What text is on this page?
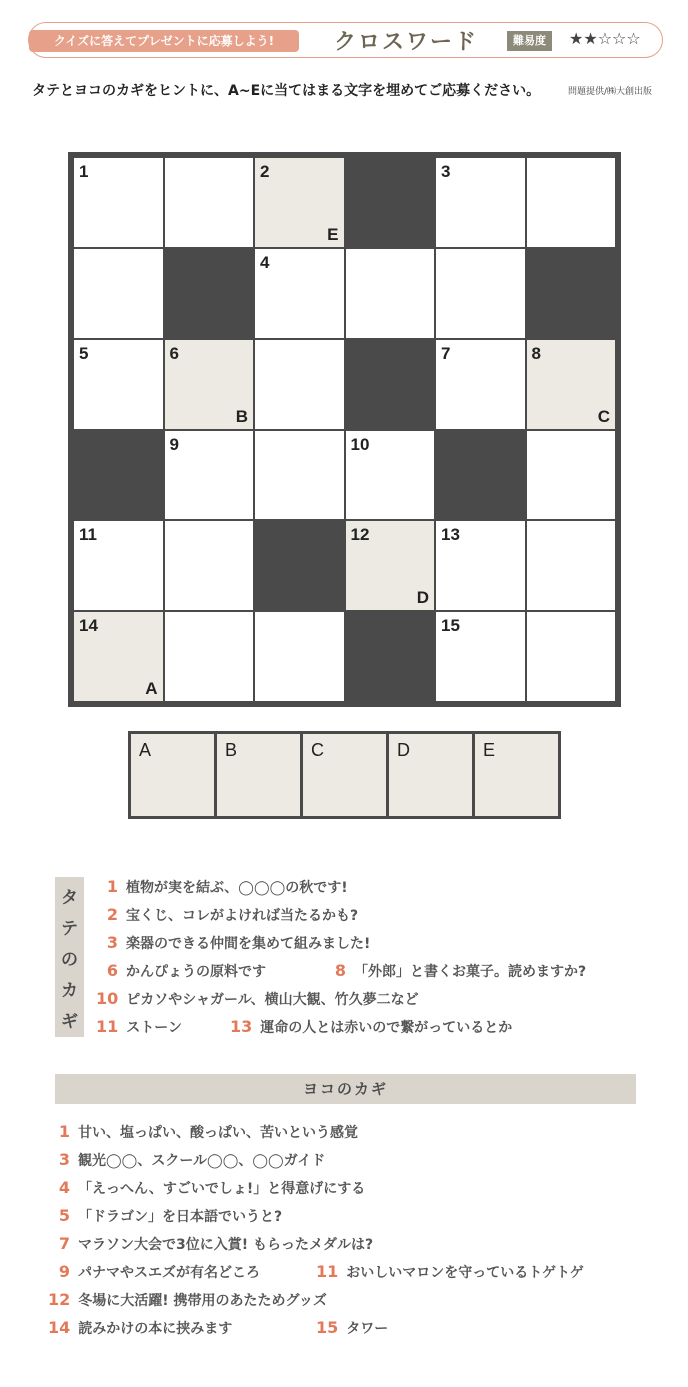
クイズに答えてプレゼントに応募しよう!	クロスワード	難易度	★★☆☆☆
タテとヨコのカギをヒントに、A~Eに当てはまる文字を埋めてご応募ください。	問題提供/㈱大創出版
1	2
E
3
4
5	6
B
7	8
C
9	10
11	12
D
13
14
A
15
A	B	C	D	E
タ
テ
の
カ
ギ
1 植物が実を結ぶ、◯◯◯の秋です!
2 宝くじ、コレがよければ当たるかも?
3 楽器のできる仲間を集めて組みました!
6 かんぴょうの原料です	8 「外郎」と書くお菓子。読めますか?
10 ピカソやシャガール、横山大観、竹久夢二など
11 ストーン	13 運命の人とは赤いので繋がっているとか
ヨコのカギ
1 甘い、塩っぱい、酸っぱい、苦いという感覚
3 観光◯◯、スクール◯◯、◯◯ガイド
4 「えっへん、すごいでしょ!」と得意げにする
5 「ドラゴン」を日本語でいうと?
7 マラソン大会で3位に入賞! もらったメダルは?
9 パナマやスエズが有名どころ	11 おいしいマロンを守っているトゲトゲ
12 冬場に大活躍! 携帯用のあたためグッズ
14 読みかけの本に挟みます	15 タワー
